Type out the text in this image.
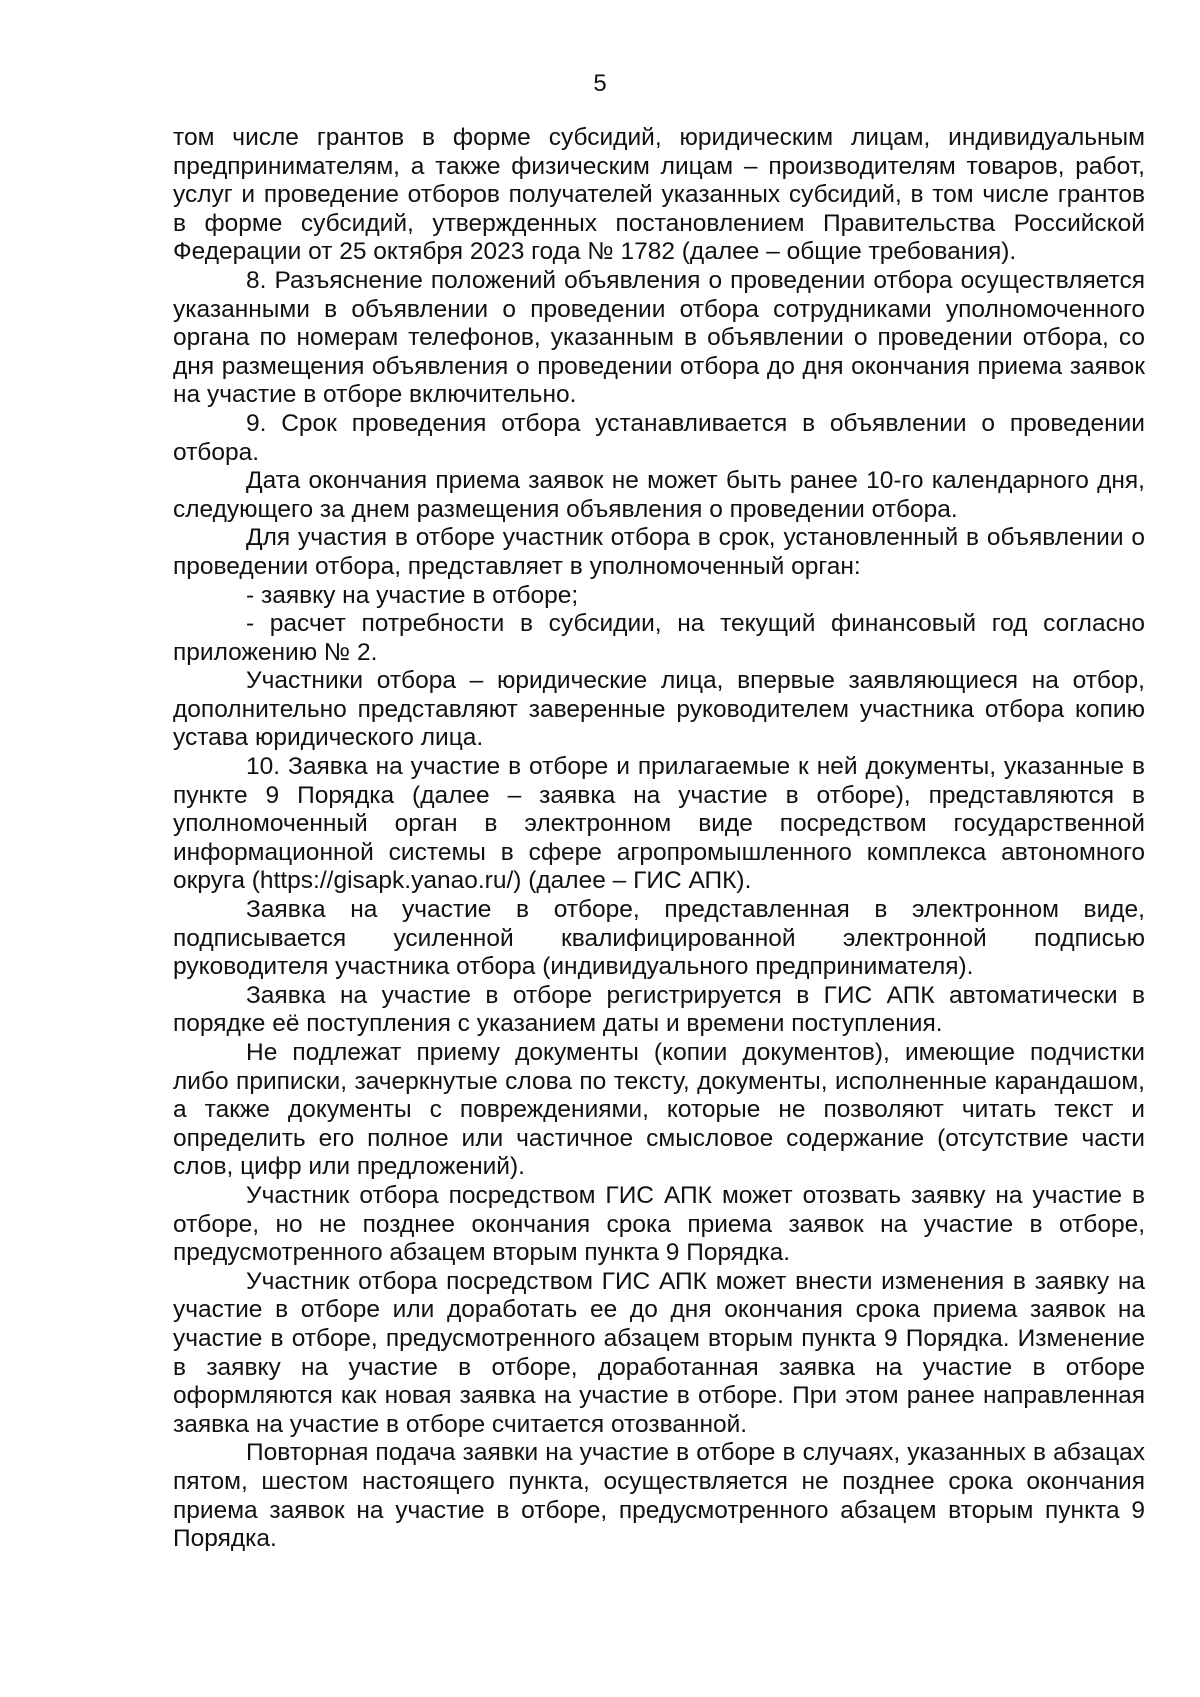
5

том числе грантов в форме субсидий, юридическим лицам, индивидуальным предпринимателям, а также физическим лицам – производителям товаров, работ, услуг и проведение отборов получателей указанных субсидий, в том числе грантов в форме субсидий, утвержденных постановлением Правительства Российской Федерации от 25 октября 2023 года № 1782 (далее – общие требования).

8. Разъяснение положений объявления о проведении отбора осуществляется указанными в объявлении о проведении отбора сотрудниками уполномоченного органа по номерам телефонов, указанным в объявлении о проведении отбора, со дня размещения объявления о проведении отбора до дня окончания приема заявок на участие в отборе включительно.

9. Срок проведения отбора устанавливается в объявлении о проведении отбора.

Дата окончания приема заявок не может быть ранее 10-го календарного дня, следующего за днем размещения объявления о проведении отбора.

Для участия в отборе участник отбора в срок, установленный в объявлении о проведении отбора, представляет в уполномоченный орган:

- заявку на участие в отборе;

- расчет потребности в субсидии, на текущий финансовый год согласно приложению № 2.

Участники отбора – юридические лица, впервые заявляющиеся на отбор, дополнительно представляют заверенные руководителем участника отбора копию устава юридического лица.

10. Заявка на участие в отборе и прилагаемые к ней документы, указанные в пункте 9 Порядка (далее – заявка на участие в отборе), представляются в уполномоченный орган в электронном виде посредством государственной информационной системы в сфере агропромышленного комплекса автономного округа (https://gisapk.yanao.ru/) (далее – ГИС АПК).

Заявка на участие в отборе, представленная в электронном виде, подписывается усиленной квалифицированной электронной подписью руководителя участника отбора (индивидуального предпринимателя).

Заявка на участие в отборе регистрируется в ГИС АПК автоматически в порядке её поступления с указанием даты и времени поступления.

Не подлежат приему документы (копии документов), имеющие подчистки либо приписки, зачеркнутые слова по тексту, документы, исполненные карандашом, а также документы с повреждениями, которые не позволяют читать текст и определить его полное или частичное смысловое содержание (отсутствие части слов, цифр или предложений).

Участник отбора посредством ГИС АПК может отозвать заявку на участие в отборе, но не позднее окончания срока приема заявок на участие в отборе, предусмотренного абзацем вторым пункта 9 Порядка.

Участник отбора посредством ГИС АПК может внести изменения в заявку на участие в отборе или доработать ее до дня окончания срока приема заявок на участие в отборе, предусмотренного абзацем вторым пункта 9 Порядка. Изменение в заявку на участие в отборе, доработанная заявка на участие в отборе оформляются как новая заявка на участие в отборе. При этом ранее направленная заявка на участие в отборе считается отозванной.

Повторная подача заявки на участие в отборе в случаях, указанных в абзацах пятом, шестом настоящего пункта, осуществляется не позднее срока окончания приема заявок на участие в отборе, предусмотренного абзацем вторым пункта 9 Порядка.
